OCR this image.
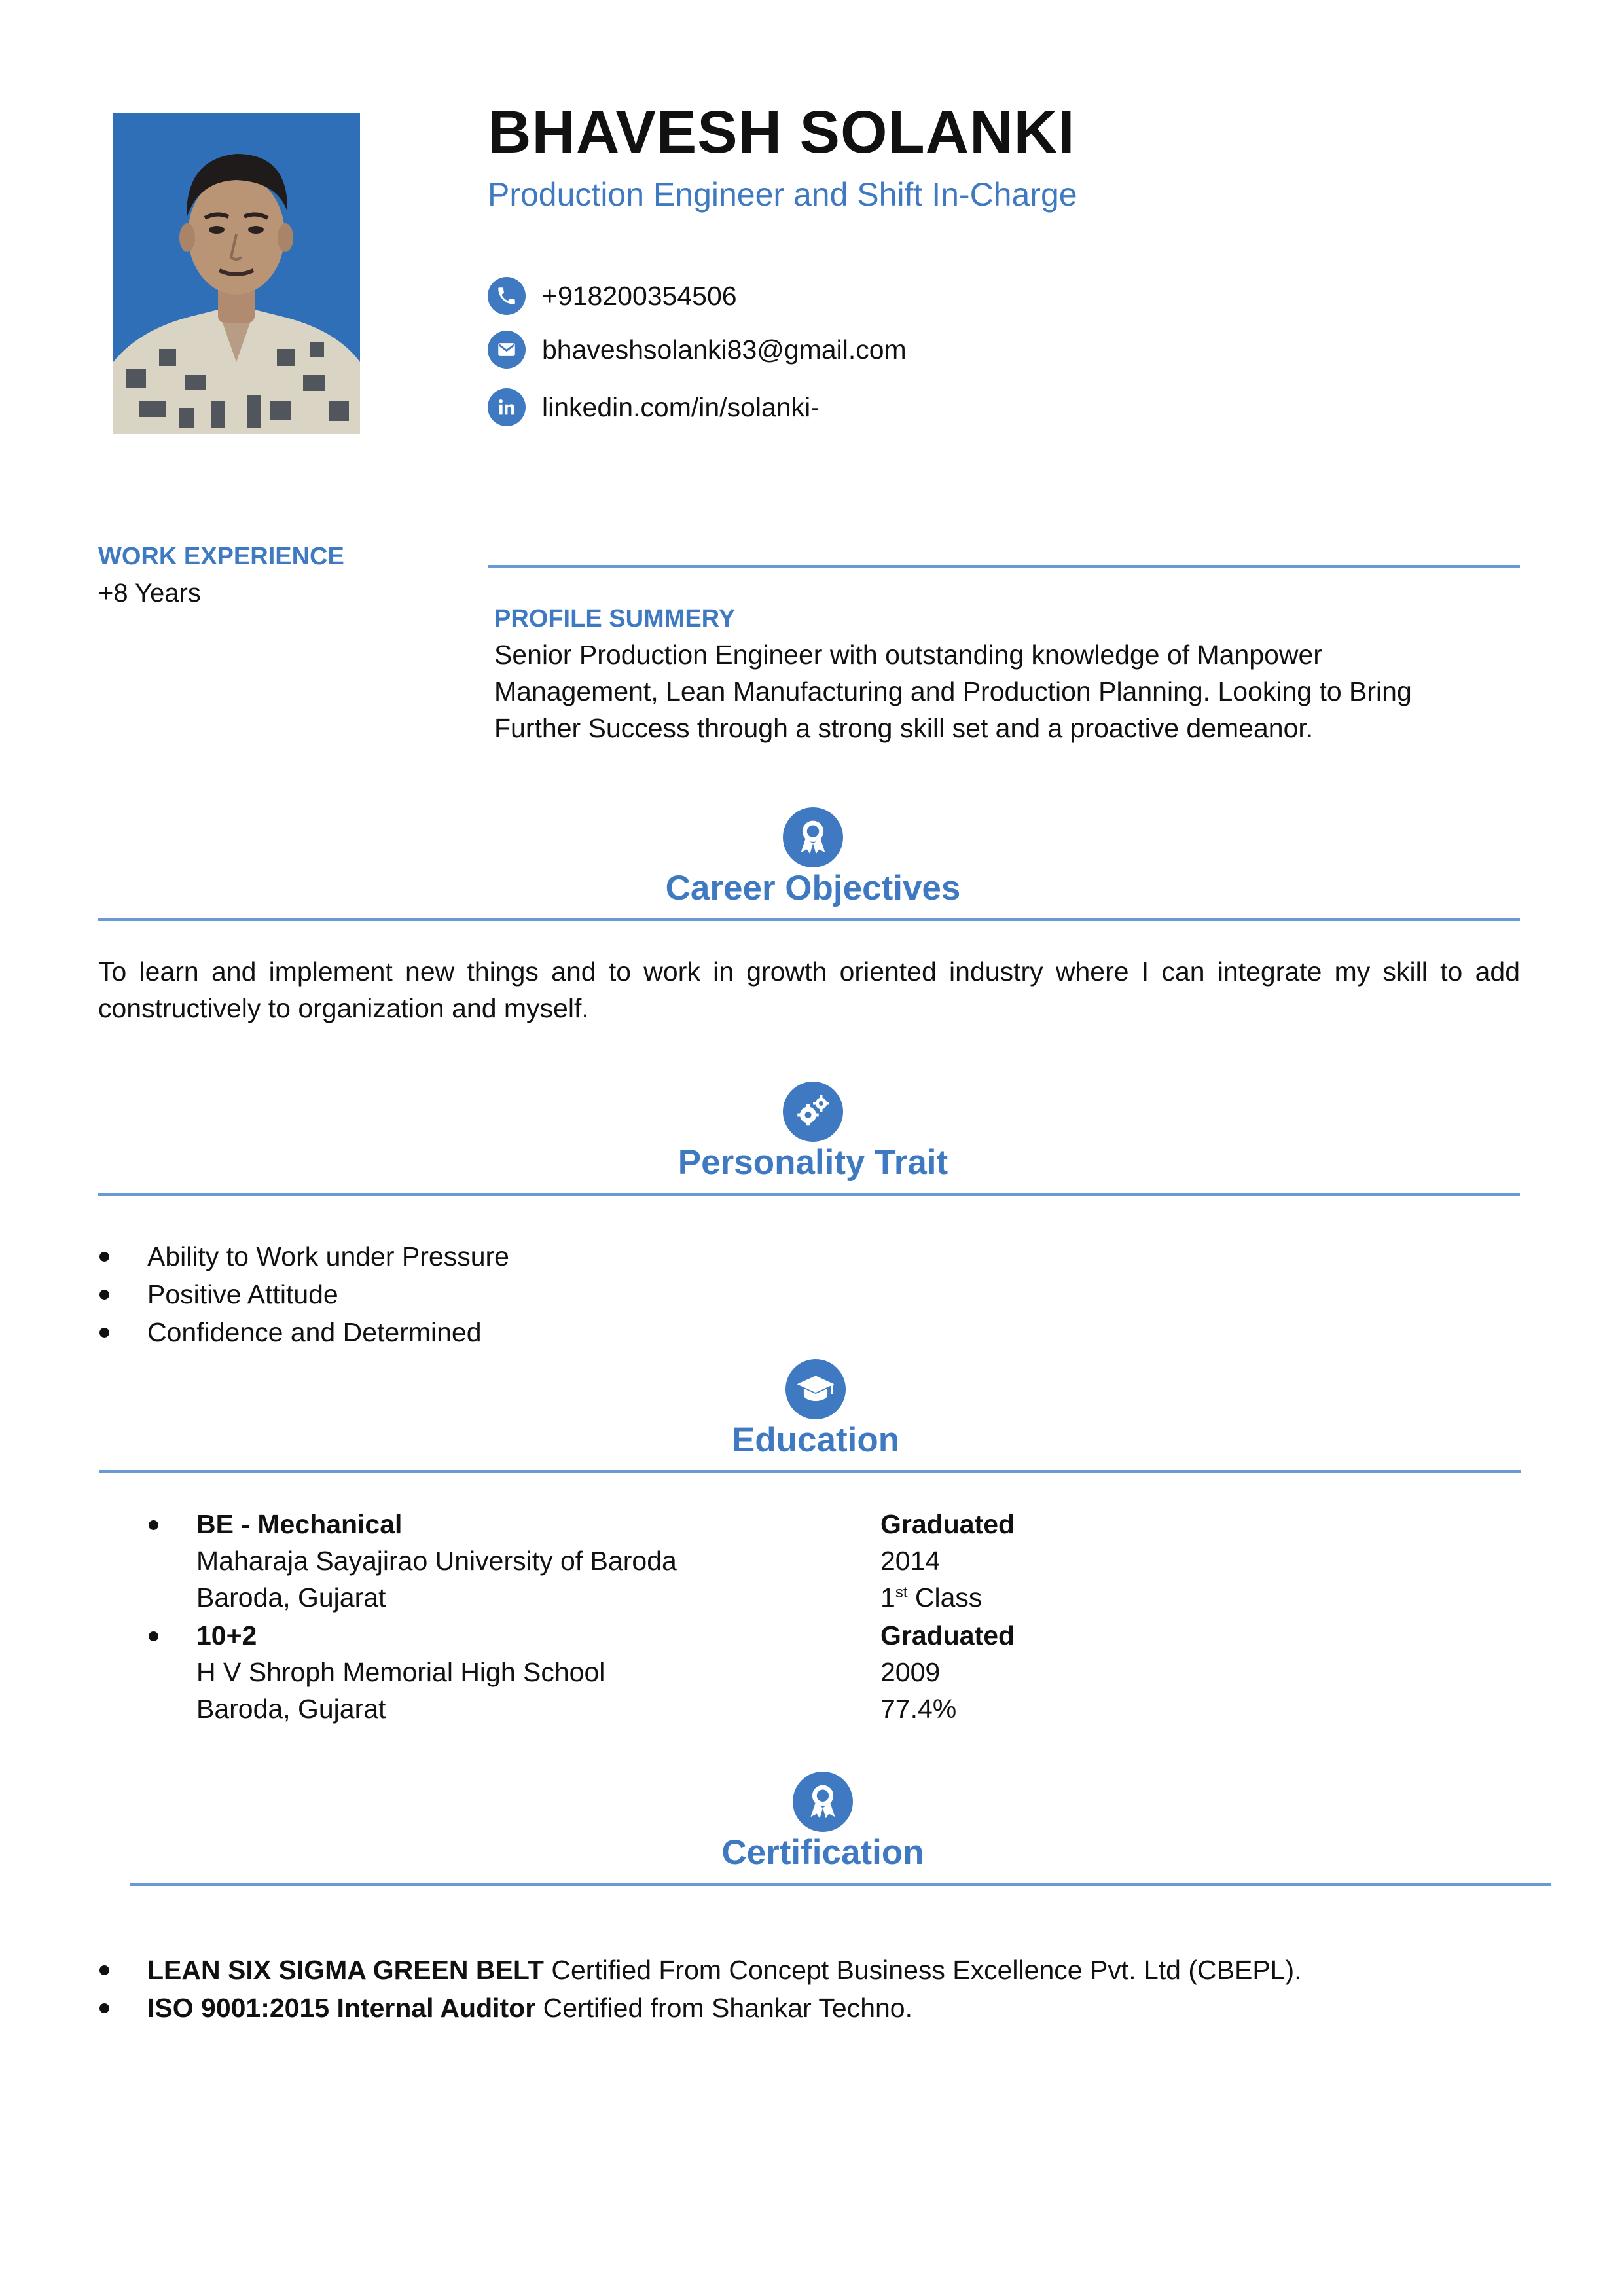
BHAVESH SOLANKI
Production Engineer and Shift In-Charge
+918200354506
bhaveshsolanki83@gmail.com
linkedin.com/in/solanki-
WORK EXPERIENCE
+8 Years
PROFILE SUMMERY
Senior Production Engineer with outstanding knowledge of Manpower
Management, Lean Manufacturing and Production Planning. Looking to Bring
Further Success through a strong skill set and a proactive demeanor.
Career Objectives
To learn and implement new things and to work in growth oriented industry where I can integrate my skill to add constructively to organization and myself.
Personality Trait
Ability to Work under Pressure
Positive Attitude
Confidence and Determined
Education
BE - Mechanical
Maharaja Sayajirao University of Baroda
Baroda, Gujarat
Graduated
2014
1st Class
10+2
H V Shroph Memorial High School
Baroda, Gujarat
Graduated
2009
77.4%
Certification
LEAN SIX SIGMA GREEN BELT Certified From Concept Business Excellence Pvt. Ltd (CBEPL).
ISO 9001:2015 Internal Auditor Certified from Shankar Techno.
